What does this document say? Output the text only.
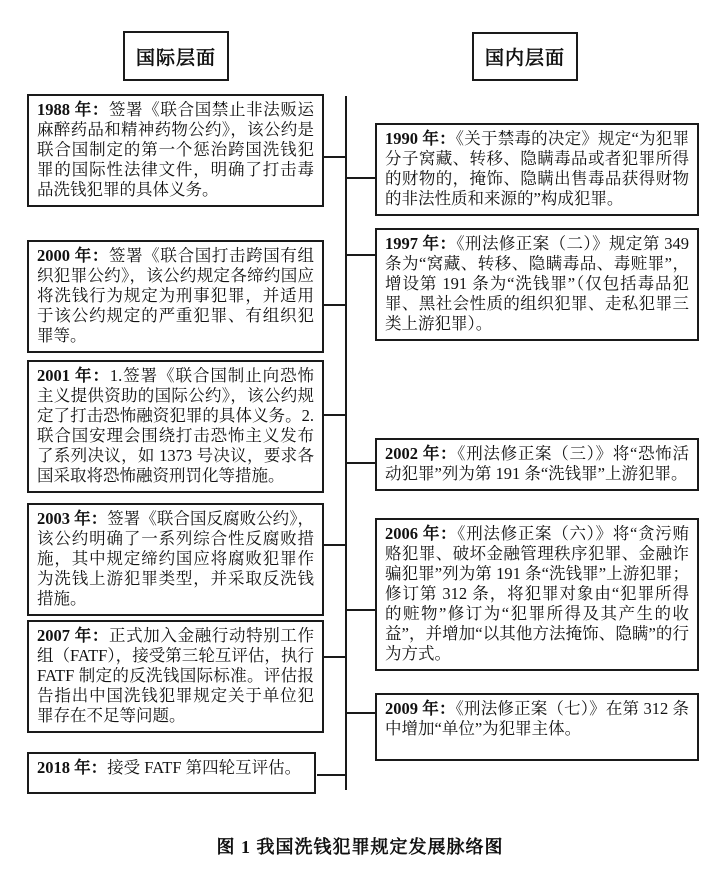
国际层面	国内层面

1988 年：签署《联合国禁止非法贩运麻醉药品和精神药物公约》，该公约是联合国制定的第一个惩治跨国洗钱犯罪的国际性法律文件，明确了打击毒品洗钱犯罪的具体义务。

2000 年：签署《联合国打击跨国有组织犯罪公约》，该公约规定各缔约国应将洗钱行为规定为刑事犯罪，并适用于该公约规定的严重犯罪、有组织犯罪等。

2001 年：1.签署《联合国制止向恐怖主义提供资助的国际公约》，该公约规定了打击恐怖融资犯罪的具体义务。2.联合国安理会围绕打击恐怖主义发布了系列决议，如 1373 号决议，要求各国采取将恐怖融资刑罚化等措施。

2003 年：签署《联合国反腐败公约》，该公约明确了一系列综合性反腐败措施，其中规定缔约国应将腐败犯罪作为洗钱上游犯罪类型，并采取反洗钱措施。

2007 年：正式加入金融行动特别工作组（FATF），接受第三轮互评估，执行 FATF 制定的反洗钱国际标准。评估报告指出中国洗钱犯罪规定关于单位犯罪存在不足等问题。

2018 年：接受 FATF 第四轮互评估。

1990 年：《关于禁毒的决定》规定“为犯罪分子窝藏、转移、隐瞒毒品或者犯罪所得的财物的，掩饰、隐瞒出售毒品获得财物的非法性质和来源的”构成犯罪。

1997 年：《刑法修正案（二）》规定第 349 条为“窝藏、转移、隐瞒毒品、毒赃罪”，增设第 191 条为“洗钱罪”（仅包括毒品犯罪、黑社会性质的组织犯罪、走私犯罪三类上游犯罪）。

2002 年：《刑法修正案（三）》将“恐怖活动犯罪”列为第 191 条“洗钱罪”上游犯罪。

2006 年：《刑法修正案（六）》将“贪污贿赂犯罪、破坏金融管理秩序犯罪、金融诈骗犯罪”列为第 191 条“洗钱罪”上游犯罪；修订第 312 条，将犯罪对象由“犯罪所得的赃物”修订为“犯罪所得及其产生的收益”，并增加“以其他方法掩饰、隐瞒”的行为方式。

2009 年：《刑法修正案（七）》在第 312 条中增加“单位”为犯罪主体。

图 1 我国洗钱犯罪规定发展脉络图
